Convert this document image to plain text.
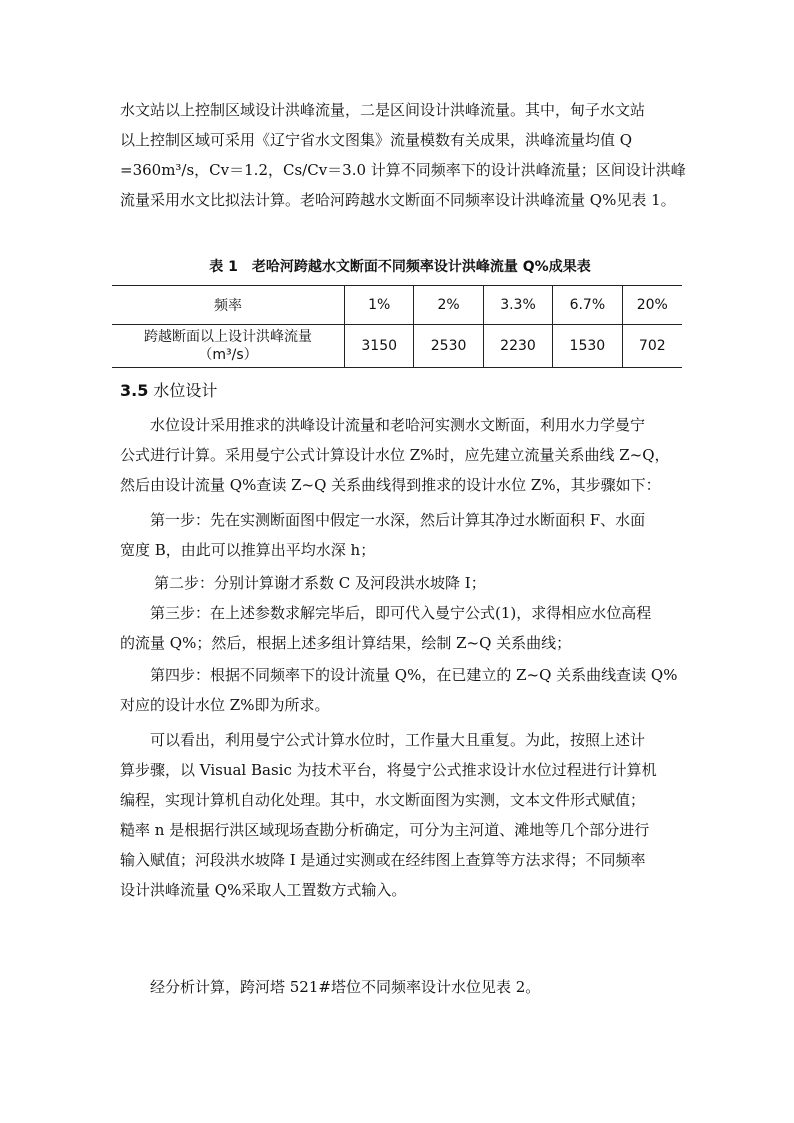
水文站以上控制区域设计洪峰流量，二是区间设计洪峰流量。其中，甸子水文站
以上控制区域可采用《辽宁省水文图集》流量模数有关成果，洪峰流量均值 Q
=360m³/s，Cv＝1.2，Cs/Cv＝3.0 计算不同频率下的设计洪峰流量；区间设计洪峰
流量采用水文比拟法计算。老哈河跨越水文断面不同频率设计洪峰流量 Q%见表 1。

表 1　老哈河跨越水文断面不同频率设计洪峰流量 Q%成果表

频率	1%	2%	3.3%	6.7%	20%

跨越断面以上设计洪峰流量
（m³/s）	3150	2530	2230	1530	702

3.5 水位设计

水位设计采用推求的洪峰设计流量和老哈河实测水文断面，利用水力学曼宁
公式进行计算。采用曼宁公式计算设计水位 Z%时，应先建立流量关系曲线 Z~Q，
然后由设计流量 Q%查读 Z~Q 关系曲线得到推求的设计水位 Z%，其步骤如下：
第一步：先在实测断面图中假定一水深，然后计算其净过水断面积 F、水面
宽度 B，由此可以推算出平均水深 h；
第二步：分别计算谢才系数 C 及河段洪水坡降 I；
第三步：在上述参数求解完毕后，即可代入曼宁公式(1)，求得相应水位高程
的流量 Q%；然后，根据上述多组计算结果，绘制 Z~Q 关系曲线；
第四步：根据不同频率下的设计流量 Q%，在已建立的 Z~Q 关系曲线查读 Q%
对应的设计水位 Z%即为所求。
可以看出，利用曼宁公式计算水位时，工作量大且重复。为此，按照上述计
算步骤，以 Visual Basic 为技术平台，将曼宁公式推求设计水位过程进行计算机
编程，实现计算机自动化处理。其中，水文断面图为实测，文本文件形式赋值；
糙率 n 是根据行洪区域现场查勘分析确定，可分为主河道、滩地等几个部分进行
输入赋值；河段洪水坡降 I 是通过实测或在经纬图上查算等方法求得；不同频率
设计洪峰流量 Q%采取人工置数方式输入。
经分析计算，跨河塔 521#塔位不同频率设计水位见表 2。
